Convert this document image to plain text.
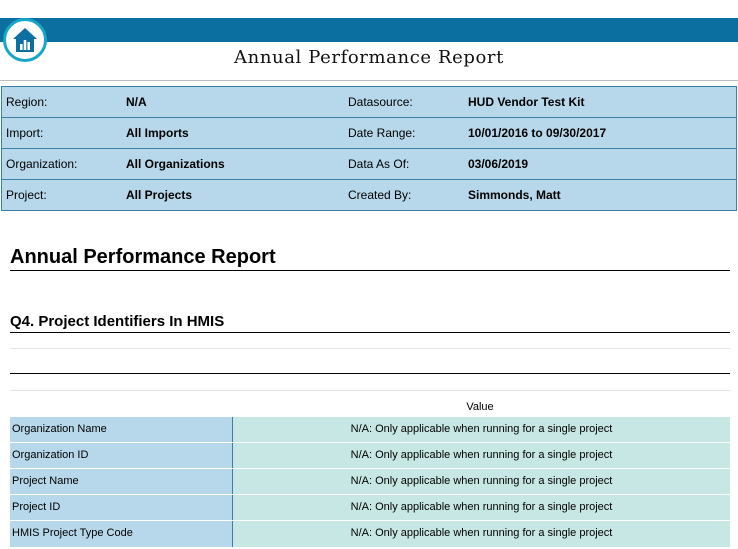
Annual Performance Report
Region:	N/A	Datasource:	HUD Vendor Test Kit
Import:	All Imports	Date Range:	10/01/2016 to 09/30/2017
Organization:	All Organizations	Data As Of:	03/06/2019
Project:	All Projects	Created By:	Simmonds, Matt
Annual Performance Report
Q4. Project Identifiers In HMIS
Value
Organization Name	N/A: Only applicable when running for a single project
Organization ID	N/A: Only applicable when running for a single project
Project Name	N/A: Only applicable when running for a single project
Project ID	N/A: Only applicable when running for a single project
HMIS Project Type Code	N/A: Only applicable when running for a single project
